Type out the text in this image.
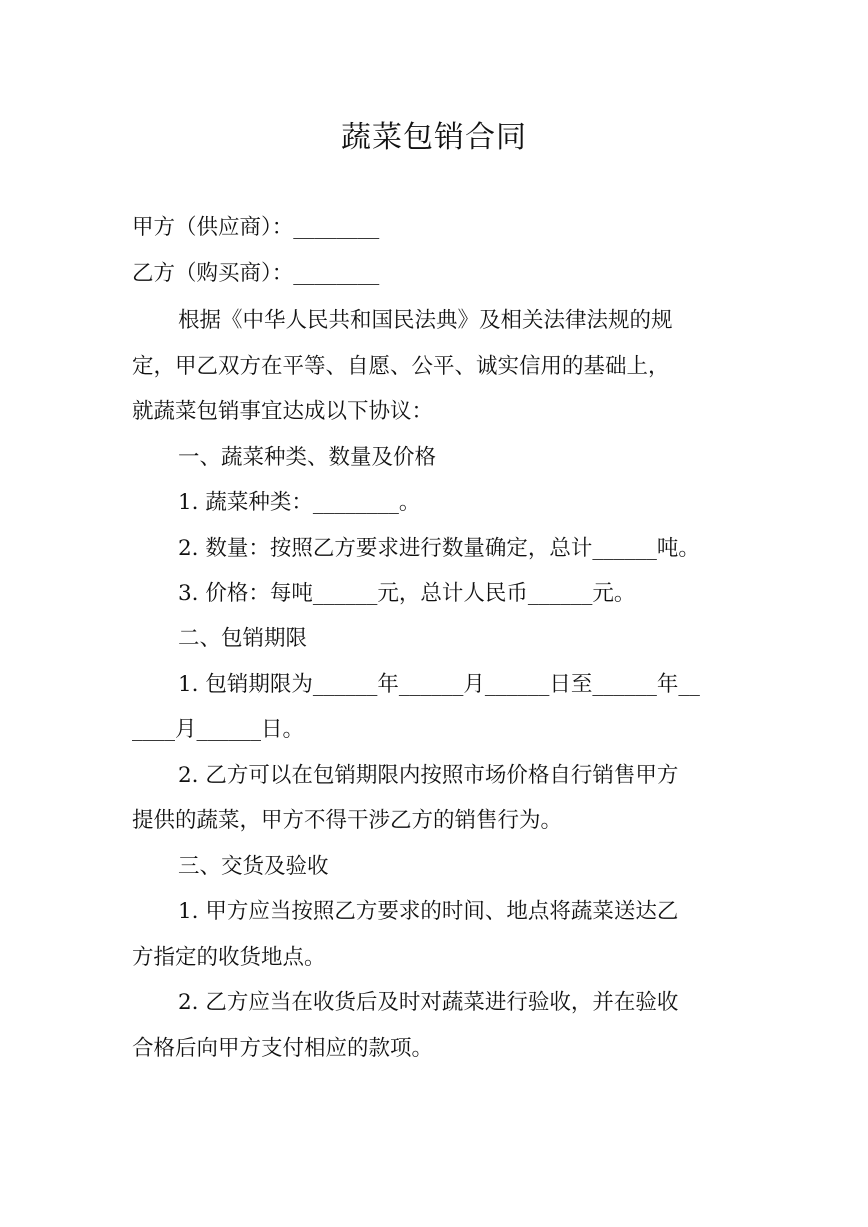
蔬菜包销合同
甲方（供应商）：________
乙方（购买商）：________
根据《中华人民共和国民法典》及相关法律法规的规
定，甲乙双方在平等、自愿、公平、诚实信用的基础上，
就蔬菜包销事宜达成以下协议：
一、蔬菜种类、数量及价格
1. 蔬菜种类：________。
2. 数量：按照乙方要求进行数量确定，总计______吨。
3. 价格：每吨______元，总计人民币______元。
二、包销期限
1. 包销期限为______年______月______日至______年__
____月______日。
2. 乙方可以在包销期限内按照市场价格自行销售甲方
提供的蔬菜，甲方不得干涉乙方的销售行为。
三、交货及验收
1. 甲方应当按照乙方要求的时间、地点将蔬菜送达乙
方指定的收货地点。
2. 乙方应当在收货后及时对蔬菜进行验收，并在验收
合格后向甲方支付相应的款项。
